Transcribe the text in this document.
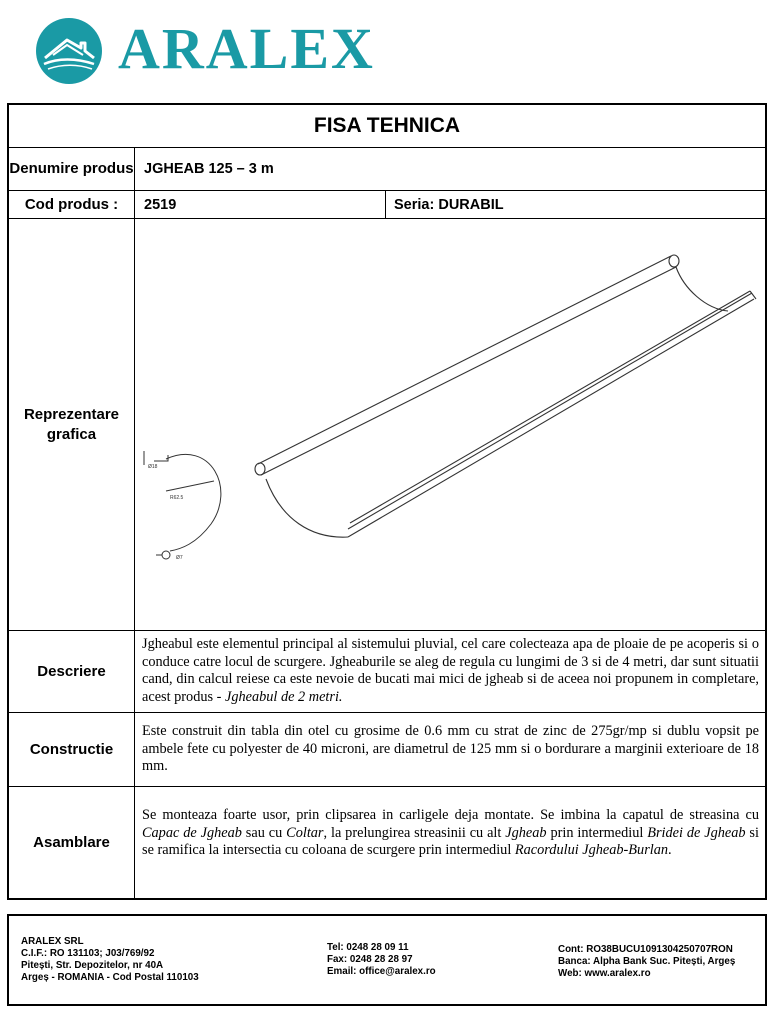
ARALEX
FISA TEHNICA
Denumire produs JGHEAB 125 – 3 m
Cod produs :	2519	Seria:
DURABIL
Reprezentare grafica
Ø18
R62.5
Ø7
Descriere
Jgheabul este elementul principal al sistemului pluvial, cel care colecteaza apa de ploaie de pe acoperis si o conduce catre locul de scurgere. Jgheaburile se aleg de regula cu lungimi de 3 si de 4 metri, dar sunt situatii cand, din calcul reiese ca este nevoie de bucati mai mici de jgheab si de aceea noi propunem in completare, acest produs - Jgheabul de 2 metri.
Constructie
Este construit din tabla din otel cu grosime de 0.6 mm cu strat de zinc de 275gr/mp si dublu vopsit pe ambele fete cu polyester de 40 microni, are diametrul de 125 mm si o bordurare a marginii exterioare de 18 mm.
Asamblare
Se monteaza foarte usor, prin clipsarea in carligele deja montate. Se imbina la capatul de streasina cu Capac de Jgheab sau cu Coltar, la prelungirea streasinii cu alt Jgheab prin intermediul Bridei de Jgheab si se ramifica la intersectia cu coloana de scurgere prin intermediul Racordului Jgheab-Burlan.
ARALEX SRL
C.I.F.: RO 131103; J03/769/92
Pitești, Str. Depozitelor, nr 40A
Argeș - ROMANIA - Cod Postal 110103
Tel: 0248 28 09 11
Fax: 0248 28 28 97
Email: office@aralex.ro
Cont: RO38BUCU1091304250707RON
Banca: Alpha Bank Suc. Pitești, Argeș
Web: www.aralex.ro
